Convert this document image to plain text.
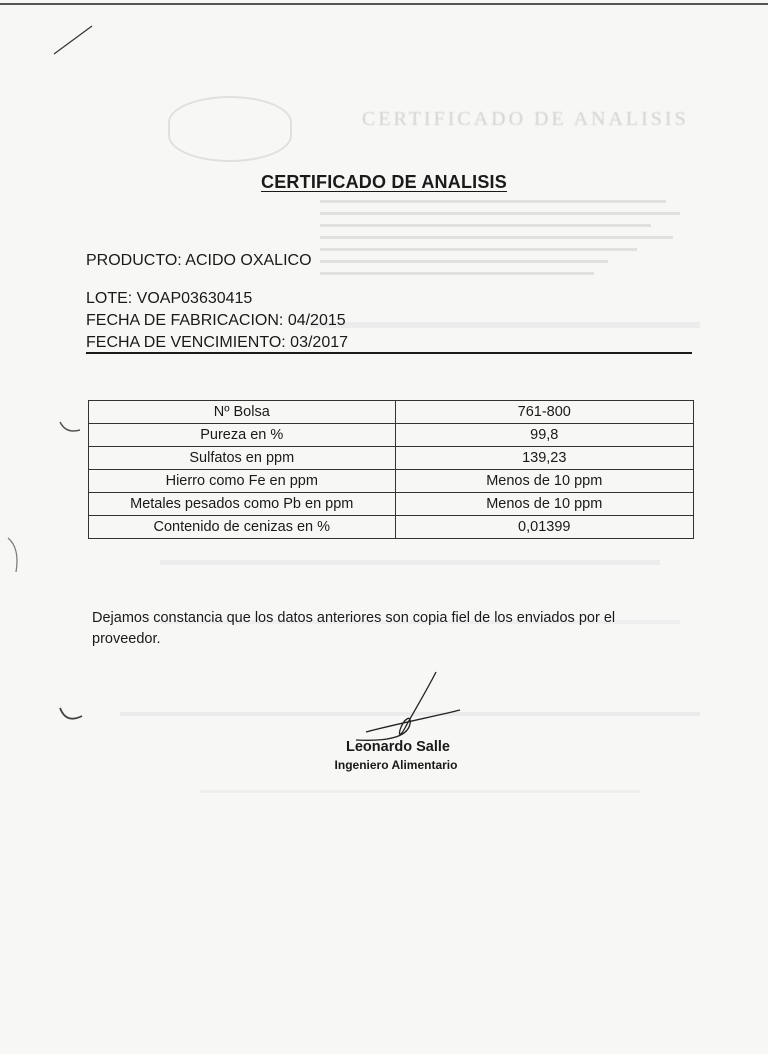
CERTIFICADO DE ANALISIS
CERTIFICADO DE ANALISIS
PRODUCTO: ACIDO OXALICO
LOTE: VOAP03630415
FECHA DE FABRICACION: 04/2015
FECHA DE VENCIMIENTO: 03/2017
Nº Bolsa	761-800
Pureza en %	99,8
Sulfatos en ppm	139,23
Hierro como Fe en ppm	Menos de 10 ppm
Metales pesados como Pb en ppm	Menos de 10 ppm
Contenido de cenizas en %	0,01399
Dejamos constancia que los datos anteriores son copia fiel de los enviados por el proveedor.
Leonardo Salle
Ingeniero Alimentario
